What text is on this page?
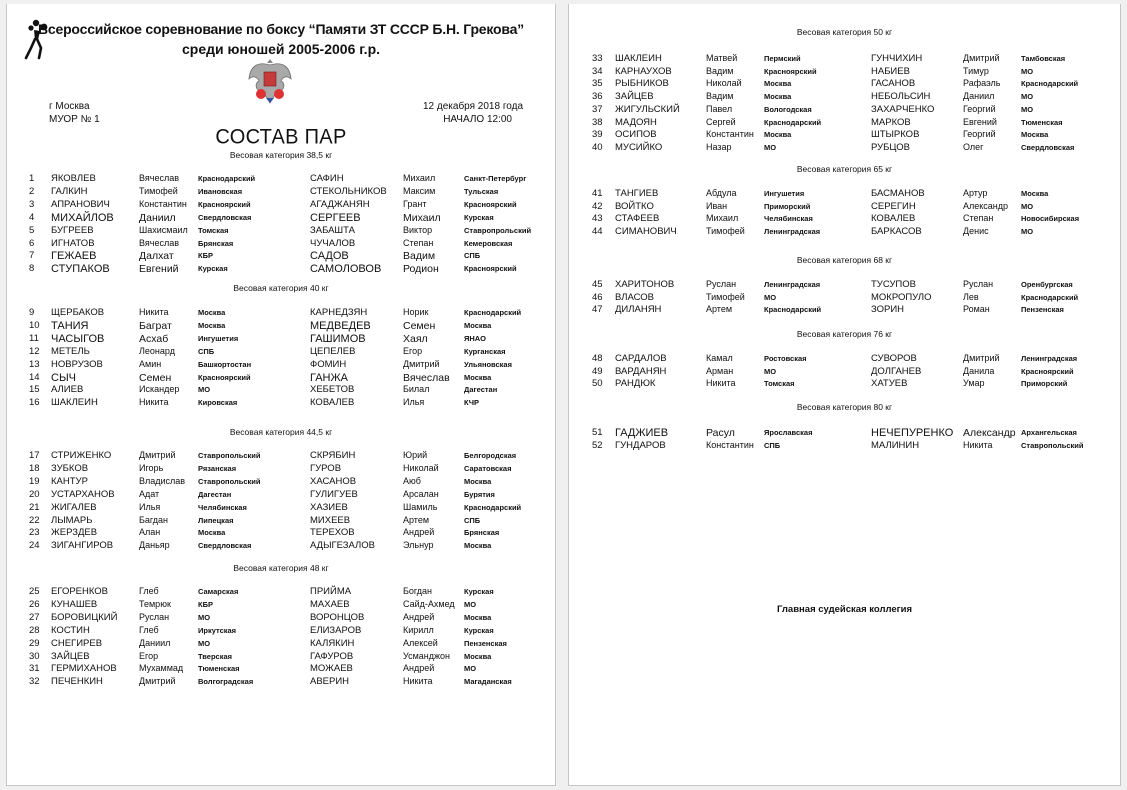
Всероссийское соревнование по боксу “Памяти ЗТ СССР Б.Н. Грекова”
среди юношей 2005-2006 г.р.
г Москва
МУОР № 1
12 декабря 2018 года
НАЧАЛО 12:00
СОСТАВ ПАР
Весовая категория 38,5 кг
1 ЯКОВЛЕВ	Вячеслав	Краснодарский	САФИН	Михаил	Санкт-Петербург
2 ГАЛКИН	Тимофей	Ивановская	СТЕКОЛЬНИКОВ Максим	Тульская
3 АПРАНОВИЧ	Константин Красноярский	АГАДЖАНЯН	Грант	Красноярский
4 МИХАЙЛОВ Даниил	Свердловская	СЕРГЕЕВ	Михаил	Курская
5 БУГРЕЕВ	Шахисмаил Томская	ЗАБАШТА	Виктор	Ставропрольский
6 ИГНАТОВ	Вячеслав	Брянская	ЧУЧАЛОВ	Степан	Кемеровская
7 ГЕЖАЕВ	Далхат	КБР	САДОВ	Вадим	СПБ
8 СТУПАКОВ	Евгений	Курская	САМОЛОВОВ Родион	Красноярский
Весовая категория 40 кг
9 ЩЕРБАКОВ	Никита	Москва	КАРНЕДЗЯН	Норик	Краснодарский
10 ТАНИЯ	Баграт	Москва	МЕДВЕДЕВ	Семен	Москва
11 ЧАСЫГОВ	Асхаб	Ингушетия	ГАШИМОВ	Хаял	ЯНАО
12 МЕТЕЛЬ	Леонард	СПБ	ЦЕПЕЛЕВ	Егор	Курганская
13 НОВРУЗОВ	Амин	Башкортостан	ФОМИН	Дмитрий	Ульяновская
14 СЫЧ	Семен	Красноярский	ГАНЖА	Вячеслав Москва
15 АЛИЕВ	Искандер МО	ХЕБЕТОВ	Билал	Дагестан
16 ШАКЛЕИН	Никита	Кировская	КОВАЛЕВ	Илья	КЧР
Весовая категория 44,5 кг
17 СТРИЖЕНКО	Дмитрий	Ставропольский	СКРЯБИН	Юрий	Белгородская
18 ЗУБКОВ	Игорь	Рязанская	ГУРОВ	Николай	Саратовская
19 КАНТУР	Владислав Ставропольский	ХАСАНОВ	Аюб	Москва
20 УСТАРХАНОВ	Адат	Дагестан	ГУЛИГУЕВ	Арсалан	Бурятия
21 ЖИГАЛЕВ	Илья	Челябинская	ХАЗИЕВ	Шамиль	Краснодарский
22 ЛЫМАРЬ	Багдан	Липецкая	МИХЕЕВ	Артем	СПБ
23 ЖЕРЗДЕВ	Алан	Москва	ТЕРЕХОВ	Андрей	Брянская
24 ЗИГАНГИРОВ	Даньяр	Свердловская	АДЫГЕЗАЛОВ	Эльнур	Москва
Весовая категория 48 кг
25 ЕГОРЕНКОВ	Глеб	Самарская	ПРИЙМА	Богдан	Курская
26 КУНАШЕВ	Темрюк	КБР	МАХАЕВ	Сайд-Ахмед МО
27 БОРОВИЦКИЙ Руслан	МО	ВОРОНЦОВ	Андрей	Москва
28 КОСТИН	Глеб	Иркутская	ЕЛИЗАРОВ	Кирилл	Курская
29 СНЕГИРЕВ	Даниил	МО	КАЛЯКИН	Алексей	Пензенская
30 ЗАЙЦЕВ	Егор	Тверская	ГАФУРОВ	Усманджон Москва
31 ГЕРМИХАНОВ Мухаммад Тюменская	МОЖАЕВ	Андрей	МО
32 ПЕЧЕНКИН	Дмитрий	Волгоградская	АВЕРИН	Никита	Магаданская
Весовая категория 50 кг
33 ШАКЛЕИН	Матвей	Пермский	ГУНЧИХИН	Дмитрий	Тамбовская
34 КАРНАУХОВ	Вадим	Красноярский	НАБИЕВ	Тимур	МО
35 РЫБНИКОВ	Николай	Москва	ГАСАНОВ	Рафаэль	Краснодарский
36 ЗАЙЦЕВ	Вадим	Москва	НЕБОЛЬСИН	Даниил	МО
37 ЖИГУЛЬСКИЙ	Павел	Вологодская	ЗАХАРЧЕНКО	Георгий	МО
38 МАДОЯН	Сергей	Краснодарский	МАРКОВ	Евгений	Тюменская
39 ОСИПОВ	Константин Москва	ШТЫРКОВ	Георгий	Москва
40 МУСИЙКО	Назар	МО	РУБЦОВ	Олег	Свердловская
Весовая категория 65 кг
41 ТАНГИЕВ	Абдула	Ингушетия	БАСМАНОВ	Артур	Москва
42 ВОЙТКО	Иван	Приморский	СЕРЕГИН	Александр МО
43 СТАФЕЕВ	Михаил	Челябинская	КОВАЛЕВ	Степан	Новосибирская
44 СИМАНОВИЧ	Тимофей	Ленинградская	БАРКАСОВ	Денис	МО
Весовая категория 68 кг
45 ХАРИТОНОВ	Руслан	Ленинградская	ТУСУПОВ	Руслан	Оренбургская
46 ВЛАСОВ	Тимофей	МО	МОКРОПУЛО	Лев	Краснодарский
47 ДИЛАНЯН	Артем	Краснодарский	ЗОРИН	Роман	Пензенская
Весовая категория 76 кг
48 САРДАЛОВ	Камал	Ростовская	СУВОРОВ	Дмитрий	Ленинградская
49 ВАРДАНЯН	Арман	МО	ДОЛГАНЕВ	Данила	Красноярский
50 РАНДЮК	Никита	Томская	ХАТУЕВ	Умар	Приморский
Весовая категория 80 кг
51 ГАДЖИЕВ	Расул	Ярославская	НЕЧЕПУРЕНКО Александр Архангельская
52 ГУНДАРОВ	Константин СПБ	МАЛИНИН	Никита	Ставропольский
Главная судейская коллегия
